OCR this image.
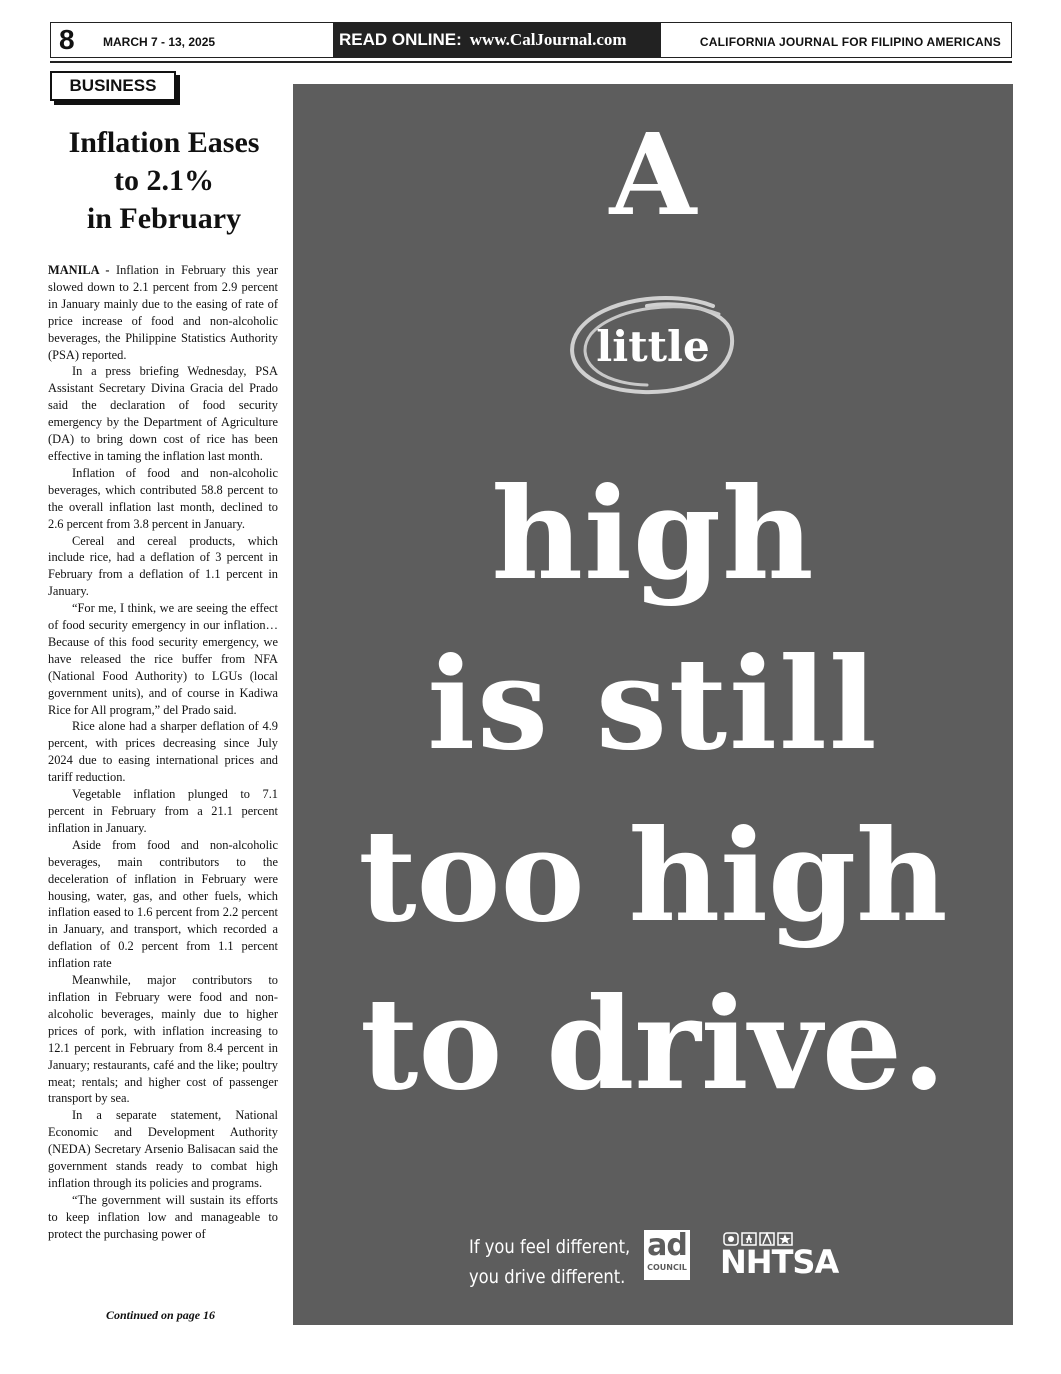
8 MARCH 7 - 13, 2025	READ ONLINE: www.CalJournal.com	CALIFORNIA JOURNAL FOR FILIPINO AMERICANS
BUSINESS
Inflation Eases
to 2.1%
in February

MANILA - Inflation in February this year slowed down to 2.1 percent from 2.9 percent in January mainly due to the easing of rate of price increase of food and non-alcoholic beverages, the Philippine Statistics Authority (PSA) reported.

In a press briefing Wednesday, PSA Assistant Secretary Divina Gracia del Prado said the declaration of food security emergency by the Department of Agriculture (DA) to bring down cost of rice has been effective in taming the inflation last month.

Inflation of food and non-alcoholic beverages, which contributed 58.8 percent to the overall inflation last month, declined to 2.6 percent from 3.8 percent in January.

Cereal and cereal products, which include rice, had a deflation of 3 percent in February from a deflation of 1.1 percent in January.

“For me, I think, we are seeing the effect of food security emergency in our inflation… Because of this food security emergency, we have released the rice buffer from NFA (National Food Authority) to LGUs (local government units), and of course in Kadiwa Rice for All program,” del Prado said.

Rice alone had a sharper deflation of 4.9 percent, with prices decreasing since July 2024 due to easing international prices and tariff reduction.

Vegetable inflation plunged to 7.1 percent in February from a 21.1 percent inflation in January.

Aside from food and non-alcoholic beverages, main contributors to the deceleration of inflation in February were housing, water, gas, and other fuels, which inflation eased to 1.6 percent from 2.2 percent in January, and transport, which recorded a deflation of 0.2 percent from 1.1 percent inflation rate

Meanwhile, major contributors to inflation in February were food and non-alcoholic beverages, mainly due to higher prices of pork, with inflation increasing to 12.1 percent in February from 8.4 percent in January; restaurants, café and the like; poultry meat; rentals; and higher cost of passenger transport by sea.

In a separate statement, National Economic and Development Authority (NEDA) Secretary Arsenio Balisacan said the government stands ready to combat high inflation through its policies and programs.

“The government will sustain its efforts to keep inflation low and manageable to protect the purchasing power of

Continued on page 16
A
little
high
is still
too high
to drive.
If you feel different,
you drive different.
ad
COUNCIL NHTSA
